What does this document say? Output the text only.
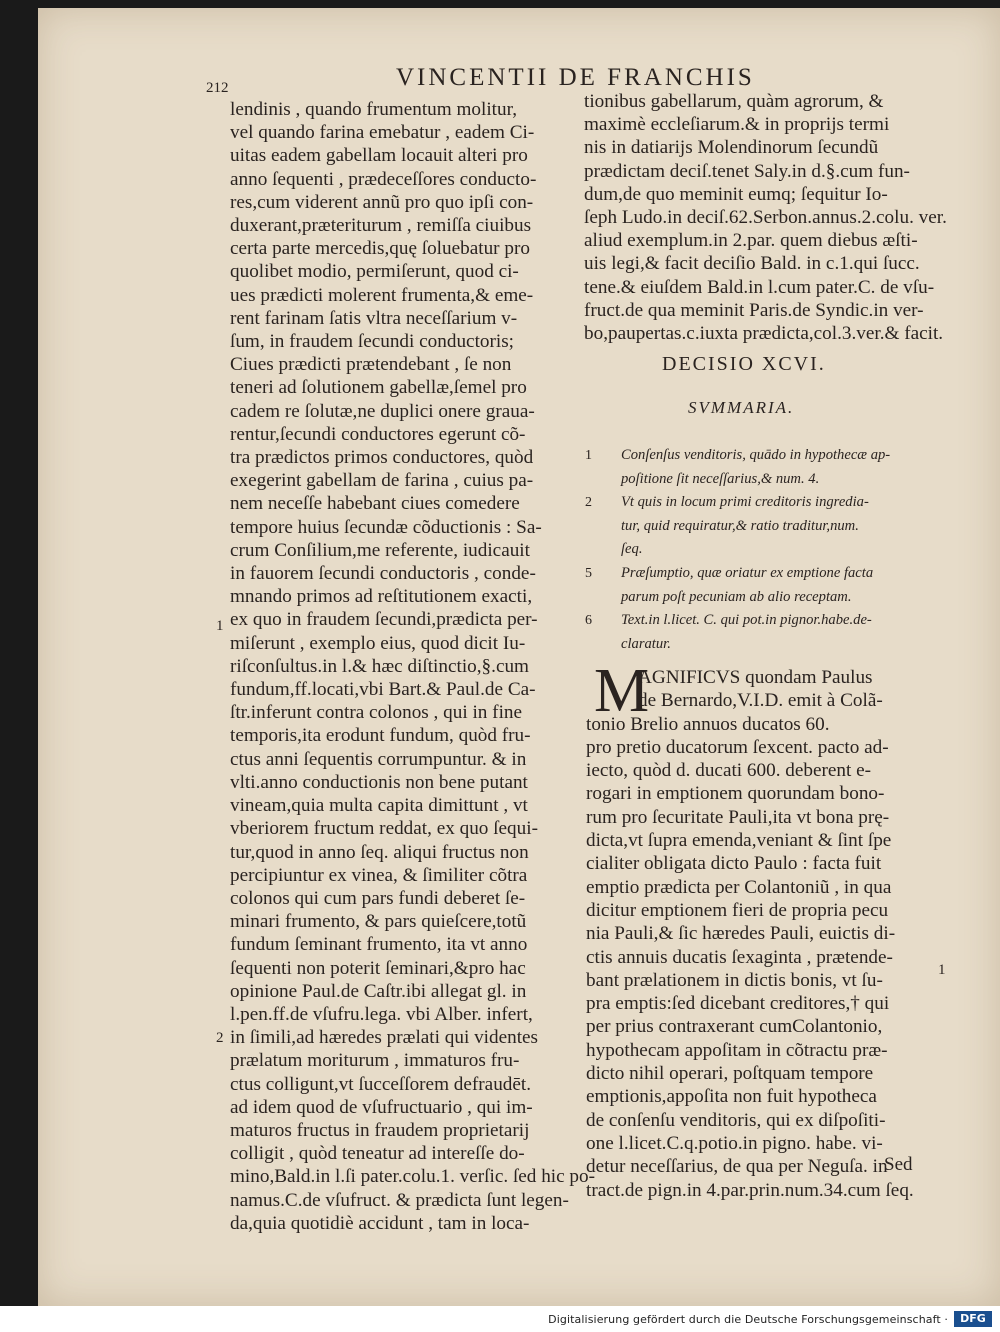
212	VINCENTII DE FRANCHIS

lendinis , quando frumentum molitur,

vel quando farina emebatur , eadem Ci-

uitas eadem gabellam locauit alteri pro

anno ſequenti , prædeceſſores conducto-

res,cum viderent annũ pro quo ipſi con-

duxerant,præteriturum , remiſſa ciuibus

certa parte mercedis,quę ſoluebatur pro

quolibet modio, permiſerunt, quod ci-

ues prædicti molerent frumenta,& eme-

rent farinam ſatis vltra neceſſarium v-

ſum, in fraudem ſecundi conductoris;

Ciues prædicti prætendebant , ſe non

teneri ad ſolutionem gabellæ,ſemel pro

cadem re ſolutæ,ne duplici onere graua-

rentur,ſecundi conductores egerunt cõ-

tra prædictos primos conductores, quòd

exegerint gabellam de farina , cuius pa-

nem neceſſe habebant ciues comedere

tempore huius ſecundæ cõductionis : Sa-

crum Conſilium,me referente, iudicauit

in fauorem ſecundi conductoris , conde-

mnando primos ad reſtitutionem exacti,

ex quo in fraudem ſecundi,prædicta per-

miſerunt , exemplo eius, quod dicit Iu-

riſconſultus.in l.& hæc diſtinctio,§.cum

fundum,ff.locati,vbi Bart.& Paul.de Ca-

ſtr.inferunt contra colonos , qui in fine

temporis,ita erodunt fundum, quòd fru-

ctus anni ſequentis corrumpuntur. & in

vlti.anno conductionis non bene putant

vineam,quia multa capita dimittunt , vt

vberiorem fructum reddat, ex quo ſequi-

tur,quod in anno ſeq. aliqui fructus non

percipiuntur ex vinea, & ſimiliter cõtra

colonos qui cum pars fundi deberet ſe-

minari frumento, & pars quieſcere,totũ

fundum ſeminant frumento, ita vt anno

ſequenti non poterit ſeminari,&pro hac

opinione Paul.de Caſtr.ibi allegat gl. in

l.pen.ff.de vſufru.lega. vbi Alber. infert,

in ſimili,ad hæredes prælati qui videntes

prælatum moriturum , immaturos fru-

ctus colligunt,vt ſucceſſorem defraudēt.

ad idem quod de vſufructuario , qui im-

maturos fructus in fraudem proprietarij

colligit , quòd teneatur ad intereſſe do-

mino,Bald.in l.ſi pater.colu.1. verſic. ſed hic po-

namus.C.de vſufruct. & prædicta ſunt legen-

da,quia quotidiè accidunt , tam in loca-

tionibus gabellarum, quàm agrorum, &

maximè eccleſiarum.& in proprijs termi

nis in datiarijs Molendinorum ſecundũ

prædictam deciſ.tenet Saly.in d.§.cum fun-

dum,de quo meminit eumq; ſequitur Io-

ſeph Ludo.in deciſ.62.Serbon.annus.2.colu. ver.

aliud exemplum.in 2.par. quem diebus æſti-

uis legi,& facit deciſio Bald. in c.1.qui ſucc.

tene.& eiuſdem Bald.in l.cum pater.C. de vſu-

fruct.de qua meminit Paris.de Syndic.in ver-

bo,paupertas.c.iuxta prædicta,col.3.ver.& facit.

DECISIO XCVI.
SVMMARIA.
1 Conſenſus venditoris, quādo in hypothecæ ap-
poſitione ſit neceſſarius,& num. 4.
2 Vt quis in locum primi creditoris ingredia-
tur, quid requiratur,& ratio traditur,num.
ſeq.
5 Præſumptio, quæ oriatur ex emptione facta
parum poſt pecuniam ab alio receptam.
6 Text.in l.licet. C. qui pot.in pignor.habe.de-
claratur.
M

AGNIFICVS quondam Paulus

de Bernardo,V.I.D. emit à Colã-

tonio Brelio annuos ducatos 60.

pro pretio ducatorum ſexcent. pacto ad-

iecto, quòd d. ducati 600. deberent e-

rogari in emptionem quorundam bono-

rum pro ſecuritate Pauli,ita vt bona prę-

dicta,vt ſupra emenda,veniant & ſint ſpe

cialiter obligata dicto Paulo : facta fuit

emptio prædicta per Colantoniũ , in qua

dicitur emptionem fieri de propria pecu

nia Pauli,& ſic hæredes Pauli, euictis di-

ctis annuis ducatis ſexaginta , prætende-

bant prælationem in dictis bonis, vt ſu-

pra emptis:ſed dicebant creditores,† qui

per prius contraxerant cumColantonio,

hypothecam appoſitam in cõtractu præ-

dicto nihil operari, poſtquam tempore

emptionis,appoſita non fuit hypotheca

de conſenſu venditoris, qui ex diſpoſiti-

one l.licet.C.q.potio.in pigno. habe. vi-

detur neceſſarius, de qua per Neguſa. in

tract.de pign.in 4.par.prin.num.34.cum ſeq.

1
2
1
Sed
Digitalisierung gefördert durch die Deutsche Forschungsgemeinschaft ·	DFG
